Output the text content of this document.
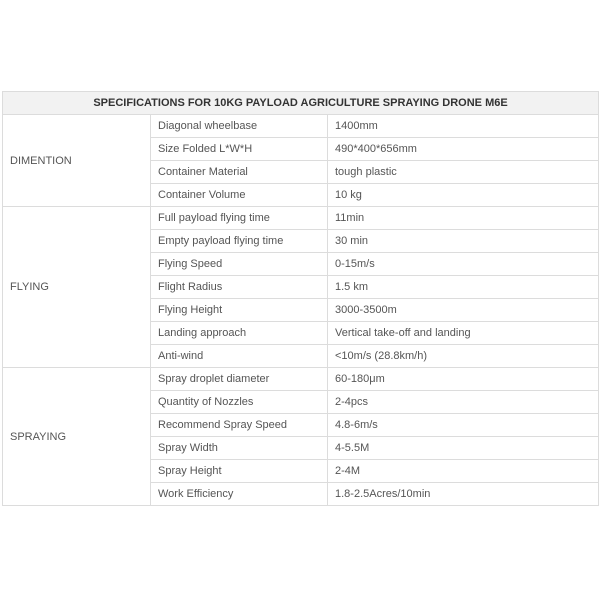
SPECIFICATIONS FOR 10KG PAYLOAD AGRICULTURE SPRAYING DRONE M6E		
DIMENTION	Diagonal wheelbase	1400mm
	Size Folded L*W*H	490*400*656mm
	Container Material	tough plastic
	Container Volume	10 kg
FLYING	Full payload flying time	11min
	Empty payload flying time	30 min
	Flying Speed	0-15m/s
	Flight Radius	1.5 km
	Flying Height	3000-3500m
	Landing approach	Vertical take-off and landing
	Anti-wind	<10m/s (28.8km/h)
SPRAYING	Spray droplet diameter	60-180μm
	Quantity of Nozzles	2-4pcs
	Recommend Spray Speed	4.8-6m/s
	Spray Width	4-5.5M
	Spray Height	2-4M
	Work Efficiency	1.8-2.5Acres/10min
